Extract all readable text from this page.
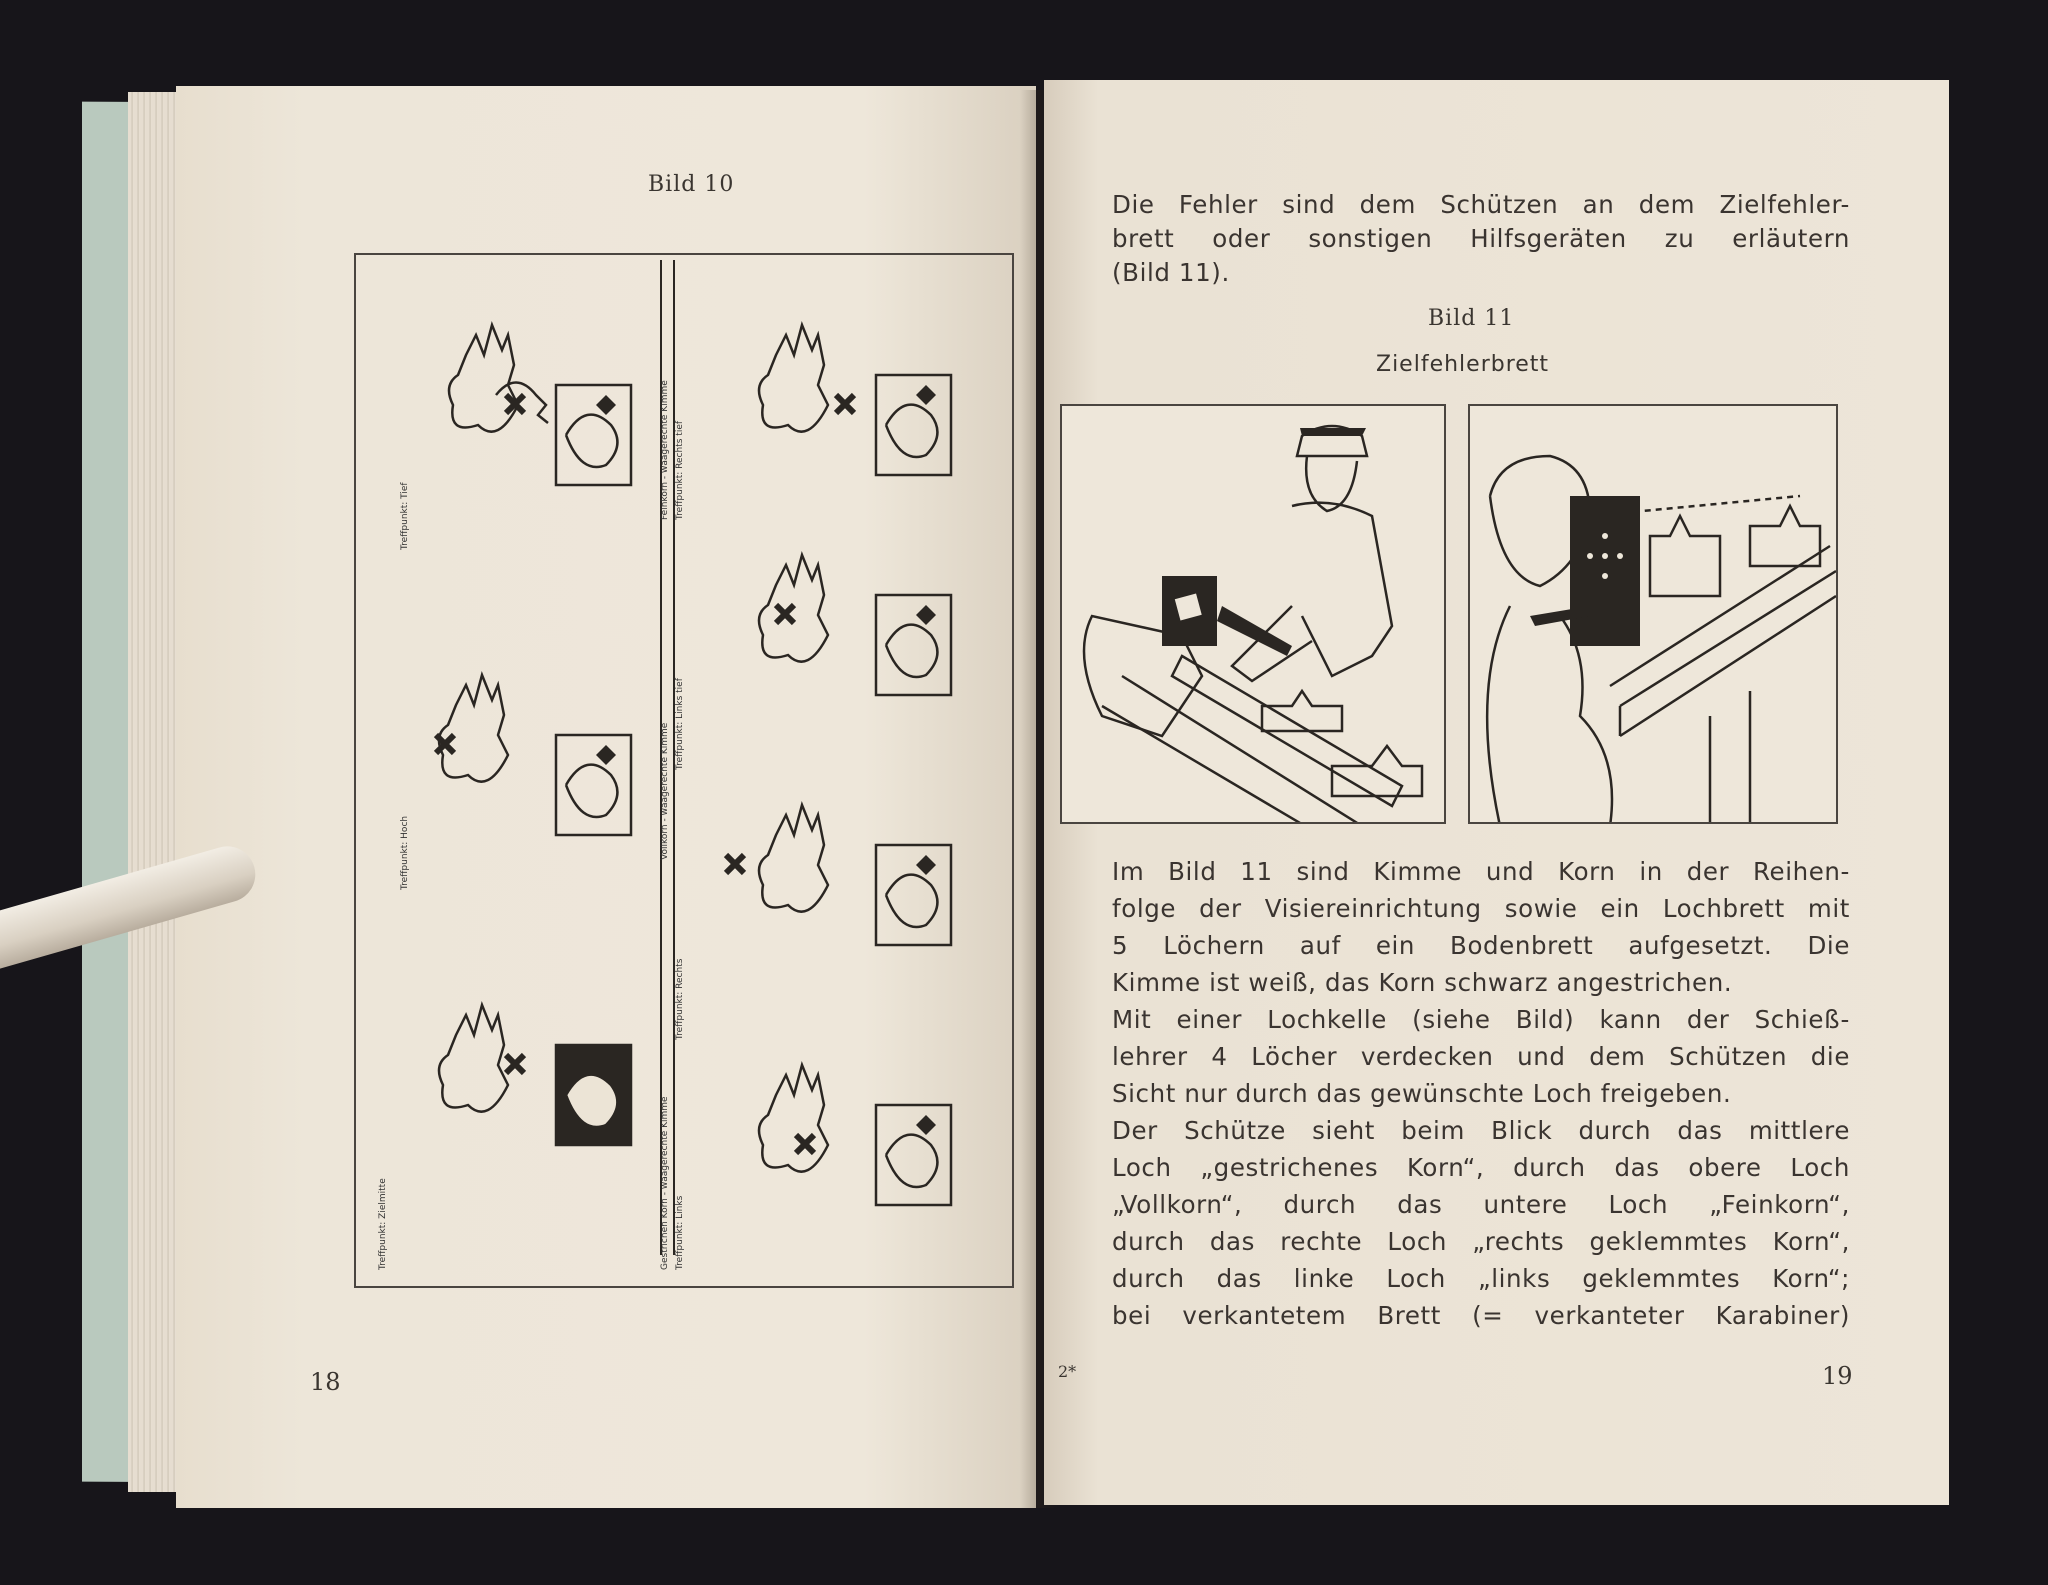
Bild 10
Treffpunkt: Zielmitte	Gestrichen Korn - waagerechte Kimme Treffpunkt: Links
Treffpunkt: Hoch	Vollkorn - waagerechte Kimme
Treffpunkt: Rechts
Treffpunkt: Links tief
Treffpunkt: Tief	Feinkorn - waagerechte Kimme Treffpunkt: Rechts tief
18
Die Fehler sind dem Schützen an dem Zielfehler-
brett oder sonstigen Hilfsgeräten zu erläutern
(Bild 11).
Bild 11
Zielfehlerbrett
Im Bild 11 sind Kimme und Korn in der Reihen-
folge der Visiereinrichtung sowie ein Lochbrett mit
5 Löchern auf ein Bodenbrett aufgesetzt. Die
Kimme ist weiß, das Korn schwarz angestrichen.
Mit einer Lochkelle (siehe Bild) kann der Schieß-
lehrer 4 Löcher verdecken und dem Schützen die
Sicht nur durch das gewünschte Loch freigeben.
Der Schütze sieht beim Blick durch das mittlere
Loch „gestrichenes Korn“, durch das obere Loch
„Vollkorn“, durch das untere Loch „Feinkorn“,
durch das rechte Loch „rechts geklemmtes Korn“,
durch das linke Loch „links geklemmtes Korn“;
bei verkantetem Brett (= verkanteter Karabiner)
2*	19
